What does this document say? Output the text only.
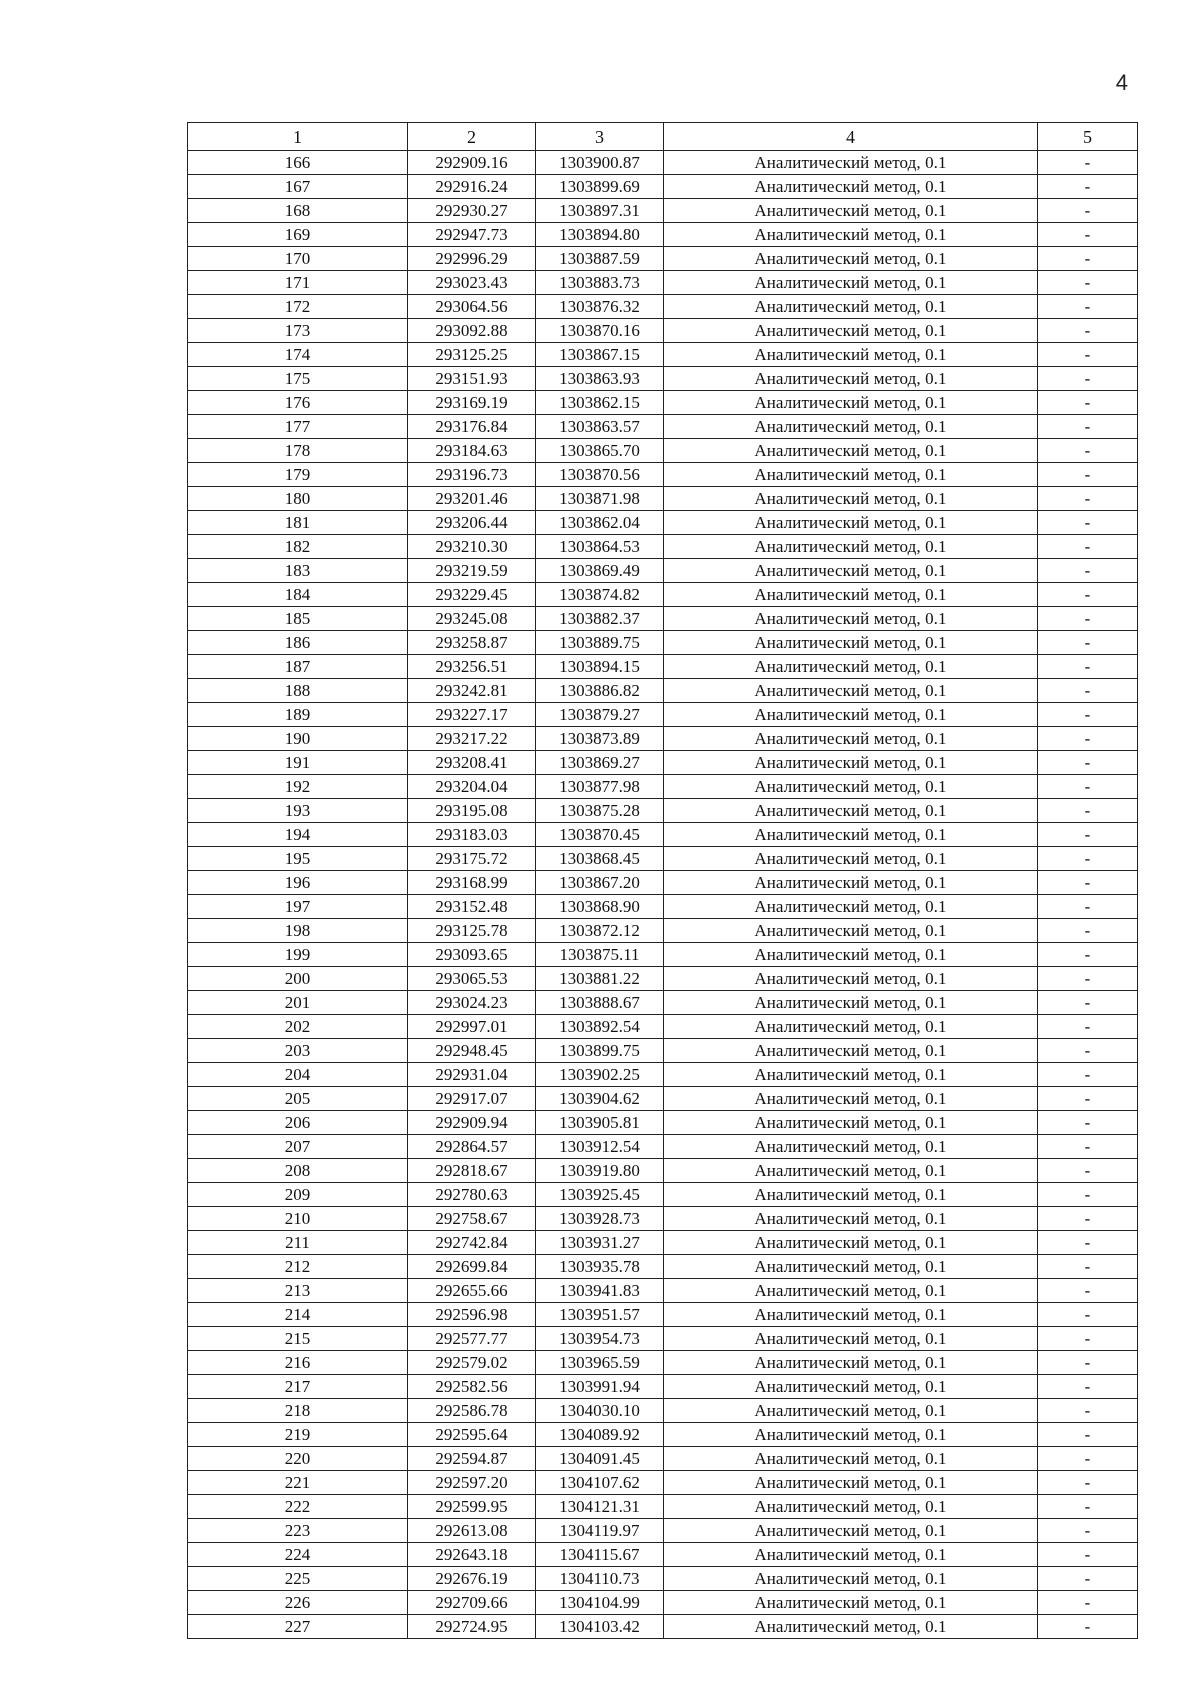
4
1	2	3	4	5
166	292909.16	1303900.87	Аналитический метод, 0.1	-
167	292916.24	1303899.69	Аналитический метод, 0.1	-
168	292930.27	1303897.31	Аналитический метод, 0.1	-
169	292947.73	1303894.80	Аналитический метод, 0.1	-
170	292996.29	1303887.59	Аналитический метод, 0.1	-
171	293023.43	1303883.73	Аналитический метод, 0.1	-
172	293064.56	1303876.32	Аналитический метод, 0.1	-
173	293092.88	1303870.16	Аналитический метод, 0.1	-
174	293125.25	1303867.15	Аналитический метод, 0.1	-
175	293151.93	1303863.93	Аналитический метод, 0.1	-
176	293169.19	1303862.15	Аналитический метод, 0.1	-
177	293176.84	1303863.57	Аналитический метод, 0.1	-
178	293184.63	1303865.70	Аналитический метод, 0.1	-
179	293196.73	1303870.56	Аналитический метод, 0.1	-
180	293201.46	1303871.98	Аналитический метод, 0.1	-
181	293206.44	1303862.04	Аналитический метод, 0.1	-
182	293210.30	1303864.53	Аналитический метод, 0.1	-
183	293219.59	1303869.49	Аналитический метод, 0.1	-
184	293229.45	1303874.82	Аналитический метод, 0.1	-
185	293245.08	1303882.37	Аналитический метод, 0.1	-
186	293258.87	1303889.75	Аналитический метод, 0.1	-
187	293256.51	1303894.15	Аналитический метод, 0.1	-
188	293242.81	1303886.82	Аналитический метод, 0.1	-
189	293227.17	1303879.27	Аналитический метод, 0.1	-
190	293217.22	1303873.89	Аналитический метод, 0.1	-
191	293208.41	1303869.27	Аналитический метод, 0.1	-
192	293204.04	1303877.98	Аналитический метод, 0.1	-
193	293195.08	1303875.28	Аналитический метод, 0.1	-
194	293183.03	1303870.45	Аналитический метод, 0.1	-
195	293175.72	1303868.45	Аналитический метод, 0.1	-
196	293168.99	1303867.20	Аналитический метод, 0.1	-
197	293152.48	1303868.90	Аналитический метод, 0.1	-
198	293125.78	1303872.12	Аналитический метод, 0.1	-
199	293093.65	1303875.11	Аналитический метод, 0.1	-
200	293065.53	1303881.22	Аналитический метод, 0.1	-
201	293024.23	1303888.67	Аналитический метод, 0.1	-
202	292997.01	1303892.54	Аналитический метод, 0.1	-
203	292948.45	1303899.75	Аналитический метод, 0.1	-
204	292931.04	1303902.25	Аналитический метод, 0.1	-
205	292917.07	1303904.62	Аналитический метод, 0.1	-
206	292909.94	1303905.81	Аналитический метод, 0.1	-
207	292864.57	1303912.54	Аналитический метод, 0.1	-
208	292818.67	1303919.80	Аналитический метод, 0.1	-
209	292780.63	1303925.45	Аналитический метод, 0.1	-
210	292758.67	1303928.73	Аналитический метод, 0.1	-
211	292742.84	1303931.27	Аналитический метод, 0.1	-
212	292699.84	1303935.78	Аналитический метод, 0.1	-
213	292655.66	1303941.83	Аналитический метод, 0.1	-
214	292596.98	1303951.57	Аналитический метод, 0.1	-
215	292577.77	1303954.73	Аналитический метод, 0.1	-
216	292579.02	1303965.59	Аналитический метод, 0.1	-
217	292582.56	1303991.94	Аналитический метод, 0.1	-
218	292586.78	1304030.10	Аналитический метод, 0.1	-
219	292595.64	1304089.92	Аналитический метод, 0.1	-
220	292594.87	1304091.45	Аналитический метод, 0.1	-
221	292597.20	1304107.62	Аналитический метод, 0.1	-
222	292599.95	1304121.31	Аналитический метод, 0.1	-
223	292613.08	1304119.97	Аналитический метод, 0.1	-
224	292643.18	1304115.67	Аналитический метод, 0.1	-
225	292676.19	1304110.73	Аналитический метод, 0.1	-
226	292709.66	1304104.99	Аналитический метод, 0.1	-
227	292724.95	1304103.42	Аналитический метод, 0.1	-
